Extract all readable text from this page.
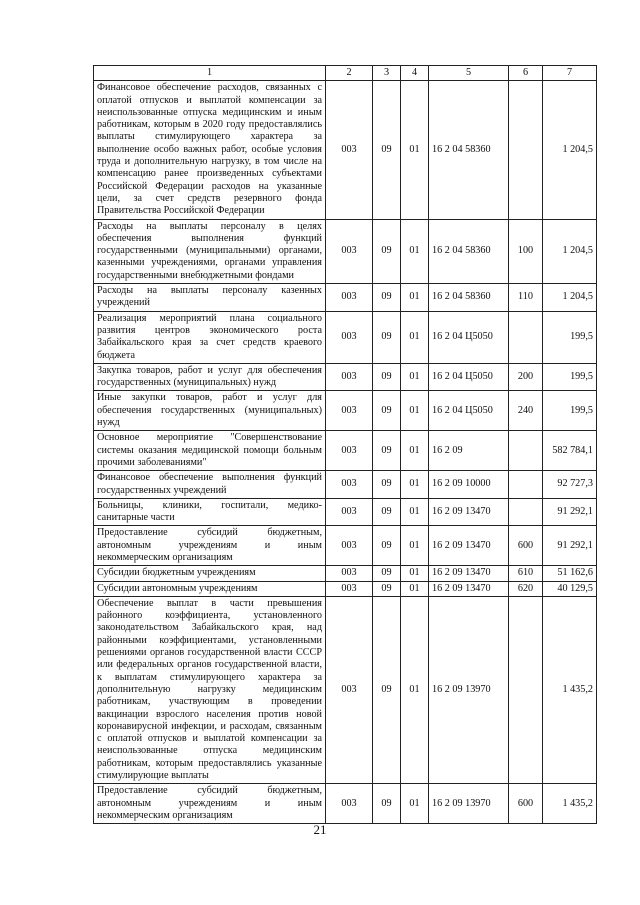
1	2	3	4	5	6	7
Финансовое обеспечение расходов, связанных с оплатой отпусков и выплатой компенсации за неиспользованные отпуска медицинским и иным работникам, которым в 2020 году предоставлялись выплаты стимулирующего характера за выполнение особо важных работ, особые условия труда и дополнительную нагрузку, в том числе на компенсацию ранее произведенных субъектами Российской Федерации расходов на указанные цели, за счет средств резервного фонда Правительства Российской Федерации	003	09	01	16 2 04 58360		1 204,5
Расходы на выплаты персоналу в целях обеспечения выполнения функций государственными (муниципальными) органами, казенными учреждениями, органами управления государственными внебюджетными фондами	003	09	01	16 2 04 58360	100	1 204,5
Расходы на выплаты персоналу казенных учреждений	003	09	01	16 2 04 58360	110	1 204,5
Реализация мероприятий плана социального развития центров экономического роста Забайкальского края за счет средств краевого бюджета	003	09	01	16 2 04 Ц5050		199,5
Закупка товаров, работ и услуг для обеспечения государственных (муниципальных) нужд	003	09	01	16 2 04 Ц5050	200	199,5
Иные закупки товаров, работ и услуг для обеспечения государственных (муниципальных) нужд	003	09	01	16 2 04 Ц5050	240	199,5
Основное мероприятие "Совершенствование системы оказания медицинской помощи больным прочими заболеваниями"	003	09	01	16 2 09		582 784,1
Финансовое обеспечение выполнения функций государственных учреждений	003	09	01	16 2 09 10000		92 727,3
Больницы, клиники, госпитали, медико-санитарные части	003	09	01	16 2 09 13470		91 292,1
Предоставление субсидий бюджетным, автономным учреждениям и иным некоммерческим организациям	003	09	01	16 2 09 13470	600	91 292,1
Субсидии бюджетным учреждениям	003	09	01	16 2 09 13470	610	51 162,6
Субсидии автономным учреждениям	003	09	01	16 2 09 13470	620	40 129,5
Обеспечение выплат в части превышения районного коэффициента, установленного законодательством Забайкальского края, над районными коэффициентами, установленными решениями органов государственной власти СССР или федеральных органов государственной власти, к выплатам стимулирующего характера за дополнительную нагрузку медицинским работникам, участвующим в проведении вакцинации взрослого населения против новой коронавирусной инфекции, и расходам, связанным с оплатой отпусков и выплатой компенсации за неиспользованные отпуска медицинским работникам, которым предоставлялись указанные стимулирующие выплаты	003	09	01	16 2 09 13970		1 435,2
Предоставление субсидий бюджетным, автономным учреждениям и иным некоммерческим организациям	003	09	01	16 2 09 13970	600	1 435,2
21
